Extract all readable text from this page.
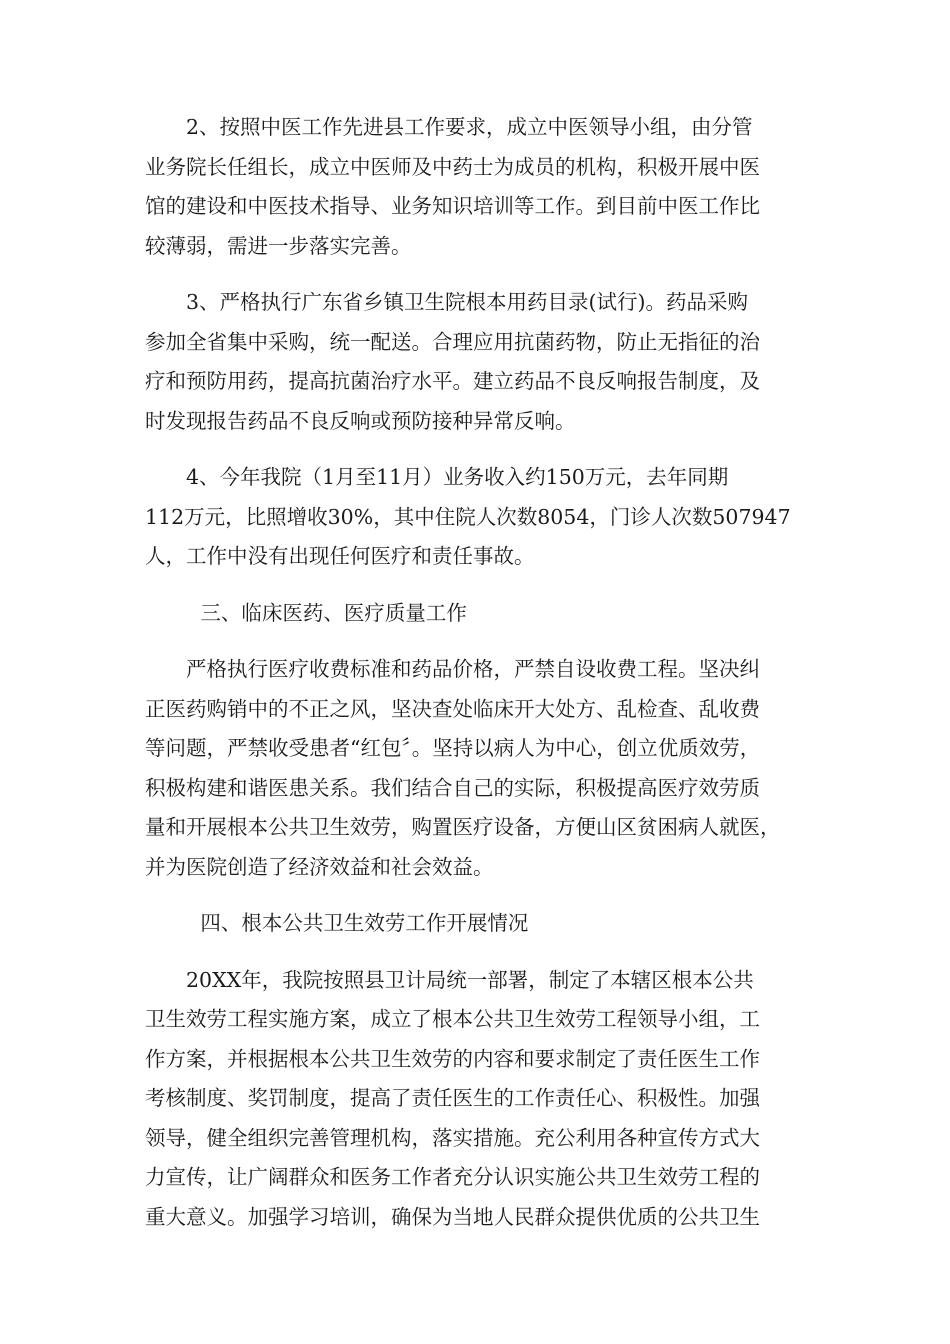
2、按照中医工作先进县工作要求，成立中医领导小组，由分管
业务院长任组长，成立中医师及中药士为成员的机构，积极开展中医
馆的建设和中医技术指导、业务知识培训等工作。到目前中医工作比
较薄弱，需进一步落实完善。
3、严格执行广东省乡镇卫生院根本用药目录(试行)。药品采购
参加全省集中采购，统一配送。合理应用抗菌药物，防止无指征的治
疗和预防用药，提高抗菌治疗水平。建立药品不良反响报告制度，及
时发现报告药品不良反响或预防接种异常反响。
4、今年我院（1月至11月）业务收入约150万元，去年同期
112万元，比照增收30%，其中住院人次数8054，门诊人次数507947
人，工作中没有出现任何医疗和责任事故。
三、临床医药、医疗质量工作
严格执行医疗收费标准和药品价格，严禁自设收费工程。坚决纠
正医药购销中的不正之风，坚决查处临床开大处方、乱检查、乱收费
等问题，严禁收受患者“红包〞。坚持以病人为中心，创立优质效劳，
积极构建和谐医患关系。我们结合自己的实际，积极提高医疗效劳质
量和开展根本公共卫生效劳，购置医疗设备，方便山区贫困病人就医，
并为医院创造了经济效益和社会效益。
四、根本公共卫生效劳工作开展情况
20XX年，我院按照县卫计局统一部署，制定了本辖区根本公共
卫生效劳工程实施方案，成立了根本公共卫生效劳工程领导小组，工
作方案，并根据根本公共卫生效劳的内容和要求制定了责任医生工作
考核制度、奖罚制度，提高了责任医生的工作责任心、积极性。加强
领导，健全组织完善管理机构，落实措施。充公利用各种宣传方式大
力宣传，让广阔群众和医务工作者充分认识实施公共卫生效劳工程的
重大意义。加强学习培训，确保为当地人民群众提供优质的公共卫生
